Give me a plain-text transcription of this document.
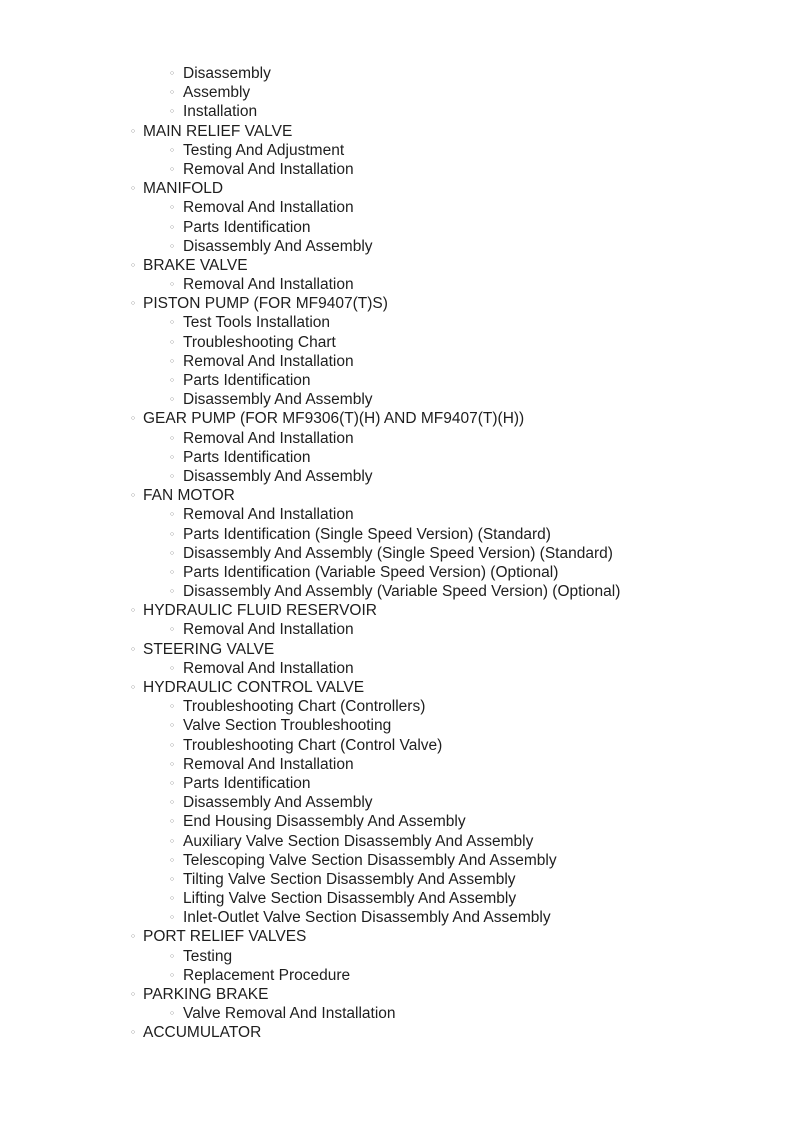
○ Disassembly
○ Assembly
○ Installation
○ MAIN RELIEF VALVE
○ Testing And Adjustment
○ Removal And Installation
○ MANIFOLD
○ Removal And Installation
○ Parts Identification
○ Disassembly And Assembly
○ BRAKE VALVE
○ Removal And Installation
○ PISTON PUMP (FOR MF9407(T)S)
○ Test Tools Installation
○ Troubleshooting Chart
○ Removal And Installation
○ Parts Identification
○ Disassembly And Assembly
○ GEAR PUMP (FOR MF9306(T)(H) AND MF9407(T)(H))
○ Removal And Installation
○ Parts Identification
○ Disassembly And Assembly
○ FAN MOTOR
○ Removal And Installation
○ Parts Identification (Single Speed Version) (Standard)
○ Disassembly And Assembly (Single Speed Version) (Standard)
○ Parts Identification (Variable Speed Version) (Optional)
○ Disassembly And Assembly (Variable Speed Version) (Optional)
○ HYDRAULIC FLUID RESERVOIR
○ Removal And Installation
○ STEERING VALVE
○ Removal And Installation
○ HYDRAULIC CONTROL VALVE
○ Troubleshooting Chart (Controllers)
○ Valve Section Troubleshooting
○ Troubleshooting Chart (Control Valve)
○ Removal And Installation
○ Parts Identification
○ Disassembly And Assembly
○ End Housing Disassembly And Assembly
○ Auxiliary Valve Section Disassembly And Assembly
○ Telescoping Valve Section Disassembly And Assembly
○ Tilting Valve Section Disassembly And Assembly
○ Lifting Valve Section Disassembly And Assembly
○ Inlet-Outlet Valve Section Disassembly And Assembly
○ PORT RELIEF VALVES
○ Testing
○ Replacement Procedure
○ PARKING BRAKE
○ Valve Removal And Installation
○ ACCUMULATOR
